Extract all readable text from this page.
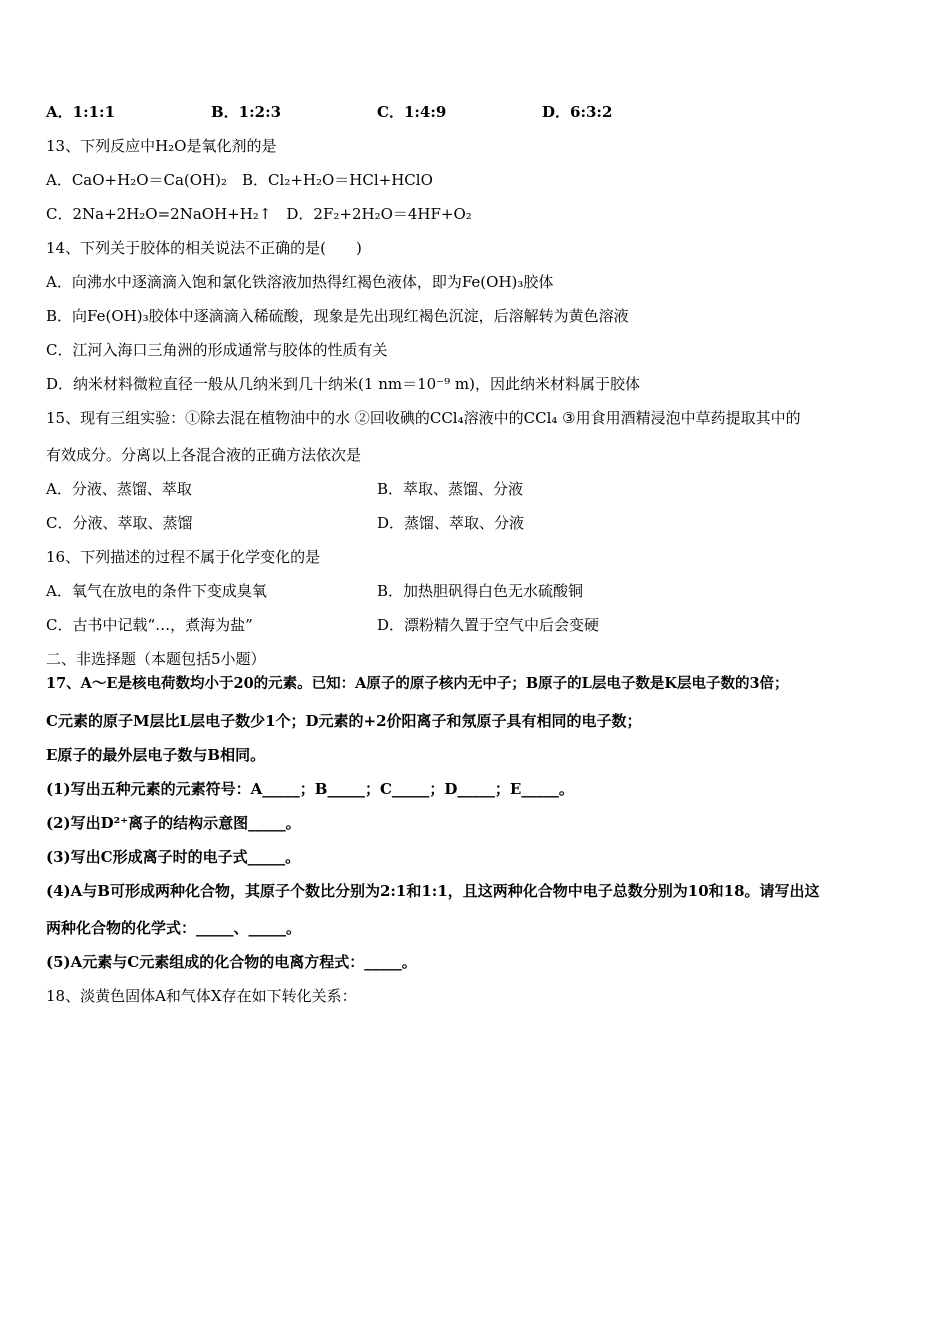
A．1:1:1	B．1:2:3	C．1:4:9	D．6:3:2
13、下列反应中H₂O是氧化剂的是
A．CaO+H₂O＝Ca(OH)₂　B．Cl₂+H₂O＝HCl+HClO
C．2Na+2H₂O=2NaOH+H₂↑　D．2F₂+2H₂O＝4HF+O₂
14、下列关于胶体的相关说法不正确的是(　　)
A．向沸水中逐滴滴入饱和氯化铁溶液加热得红褐色液体，即为Fe(OH)₃胶体
B．向Fe(OH)₃胶体中逐滴滴入稀硫酸，现象是先出现红褐色沉淀，后溶解转为黄色溶液
C．江河入海口三角洲的形成通常与胶体的性质有关
D．纳米材料微粒直径一般从几纳米到几十纳米(1 nm＝10⁻⁹ m)，因此纳米材料属于胶体
15、现有三组实验：①除去混在植物油中的水 ②回收碘的CCl₄溶液中的CCl₄ ③用食用酒精浸泡中草药提取其中的
有效成分。分离以上各混合液的正确方法依次是
A．分液、蒸馏、萃取	B．萃取、蒸馏、分液
C．分液、萃取、蒸馏	D．蒸馏、萃取、分液
16、下列描述的过程不属于化学变化的是
A．氧气在放电的条件下变成臭氧	B．加热胆矾得白色无水硫酸铜
C．古书中记载“…，煮海为盐”	D．漂粉精久置于空气中后会变硬
二、非选择题（本题包括5小题）
17、A～E是核电荷数均小于20的元素。已知：A原子的原子核内无中子；B原子的L层电子数是K层电子数的3倍；
C元素的原子M层比L层电子数少1个；D元素的+2价阳离子和氖原子具有相同的电子数；
E原子的最外层电子数与B相同。
(1)写出五种元素的元素符号：A_____；B_____；C_____；D_____；E_____。
(2)写出D²⁺离子的结构示意图_____。
(3)写出C形成离子时的电子式_____。
(4)A与B可形成两种化合物，其原子个数比分别为2:1和1:1，且这两种化合物中电子总数分别为10和18。请写出这
两种化合物的化学式：_____、_____。
(5)A元素与C元素组成的化合物的电离方程式：_____。
18、淡黄色固体A和气体X存在如下转化关系：
